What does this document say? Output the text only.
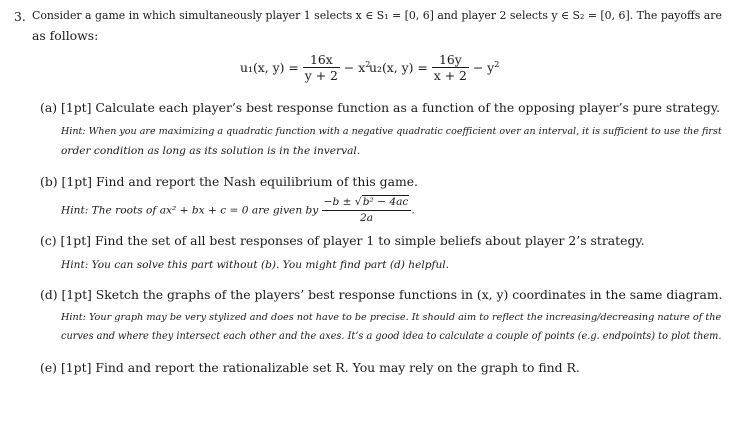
3. Consider a game in which simultaneously player 1 selects x ∈ S₁ = [0, 6] and player 2 selects y ∈ S₂ = [0, 6]. The payoffs are
as follows:
u₁(x, $y) = \frac{16x}{y + 2} - x^2$
u₂(x, $y) = \frac{16y}{x + 2} - y^2$
(a) [1pt] Calculate each player’s best response function as a function of the opposing player’s pure strategy.
Hint: When you are maximizing a quadratic function with a negative quadratic coefficient over an interval, it is sufficient to use the first
order condition as long as its solution is in the inverval.
(b) [1pt] Find and report the Nash equilibrium of this game.
Hint: The roots of ax² + bx + c = 0 are given by $\frac{\text{−b ± √b² − 4ac}}{2a}$ .
(c) [1pt] Find the set of all best responses of player 1 to simple beliefs about player 2’s strategy.
Hint: You can solve this part without (b). You might find part (d) helpful.
(d) [1pt] Sketch the graphs of the players’ best response functions in (x, y) coordinates in the same diagram.
Hint: Your graph may be very stylized and does not have to be precise. It should aim to reflect the increasing/decreasing nature of the
curves and where they intersect each other and the axes. It’s a good idea to calculate a couple of points (e.g. endpoints) to plot them.
(e) [1pt] Find and report the rationalizable set R. You may rely on the graph to find R.
